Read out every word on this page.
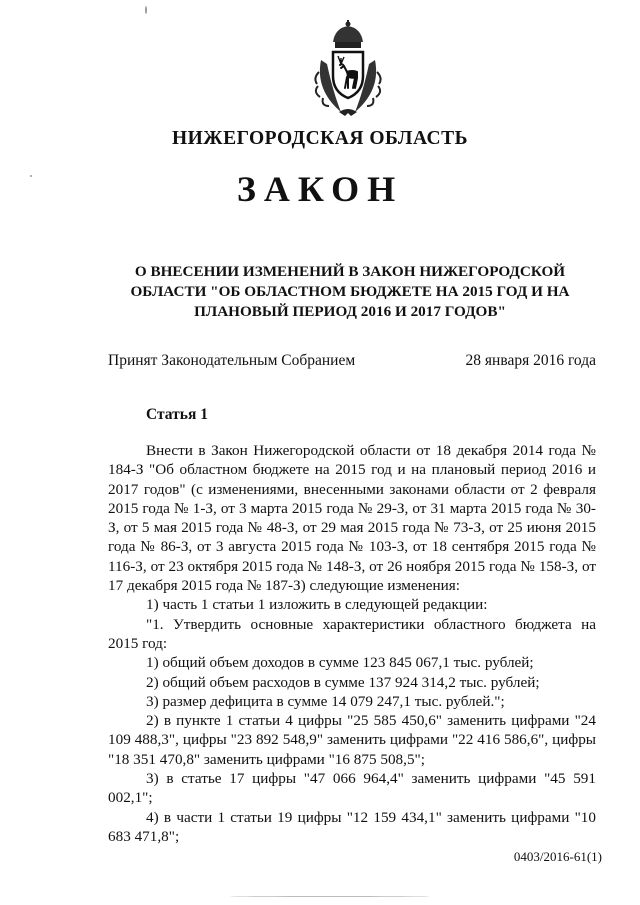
НИЖЕГОРОДСКАЯ ОБЛАСТЬ
ЗАКОН
О ВНЕСЕНИИ ИЗМЕНЕНИЙ В ЗАКОН НИЖЕГОРОДСКОЙ
ОБЛАСТИ "ОБ ОБЛАСТНОМ БЮДЖЕТЕ НА 2015 ГОД И НА
ПЛАНОВЫЙ ПЕРИОД 2016 И 2017 ГОДОВ"
Принят Законодательным Собранием	28 января 2016 года
Статья 1

Внести в Закон Нижегородской области от 18 декабря 2014 года № 184-З "Об областном бюджете на 2015 год и на плановый период 2016 и 2017 годов" (с изменениями, внесенными законами области от 2 февраля 2015 года № 1-З, от 3 марта 2015 года № 29-З, от 31 марта 2015 года № 30-З, от 5 мая 2015 года № 48-З, от 29 мая 2015 года № 73-З, от 25 июня 2015 года № 86-З, от 3 августа 2015 года № 103-З, от 18 сентября 2015 года № 116-З, от 23 октября 2015 года № 148-З, от 26 ноября 2015 года № 158-З, от 17 декабря 2015 года № 187-З) следующие изменения:

1) часть 1 статьи 1 изложить в следующей редакции:

"1. Утвердить основные характеристики областного бюджета на 2015 год:

1) общий объем доходов в сумме 123 845 067,1 тыс. рублей;

2) общий объем расходов в сумме 137 924 314,2 тыс. рублей;

3) размер дефицита в сумме 14 079 247,1 тыс. рублей.";

2) в пункте 1 статьи 4 цифры "25 585 450,6" заменить цифрами "24 109 488,3", цифры "23 892 548,9" заменить цифрами "22 416 586,6", цифры "18 351 470,8" заменить цифрами "16 875 508,5";

3) в статье 17 цифры "47 066 964,4" заменить цифрами "45 591 002,1";

4) в части 1 статьи 19 цифры "12 159 434,1" заменить цифрами "10 683 471,8";

0403/2016-61(1)
